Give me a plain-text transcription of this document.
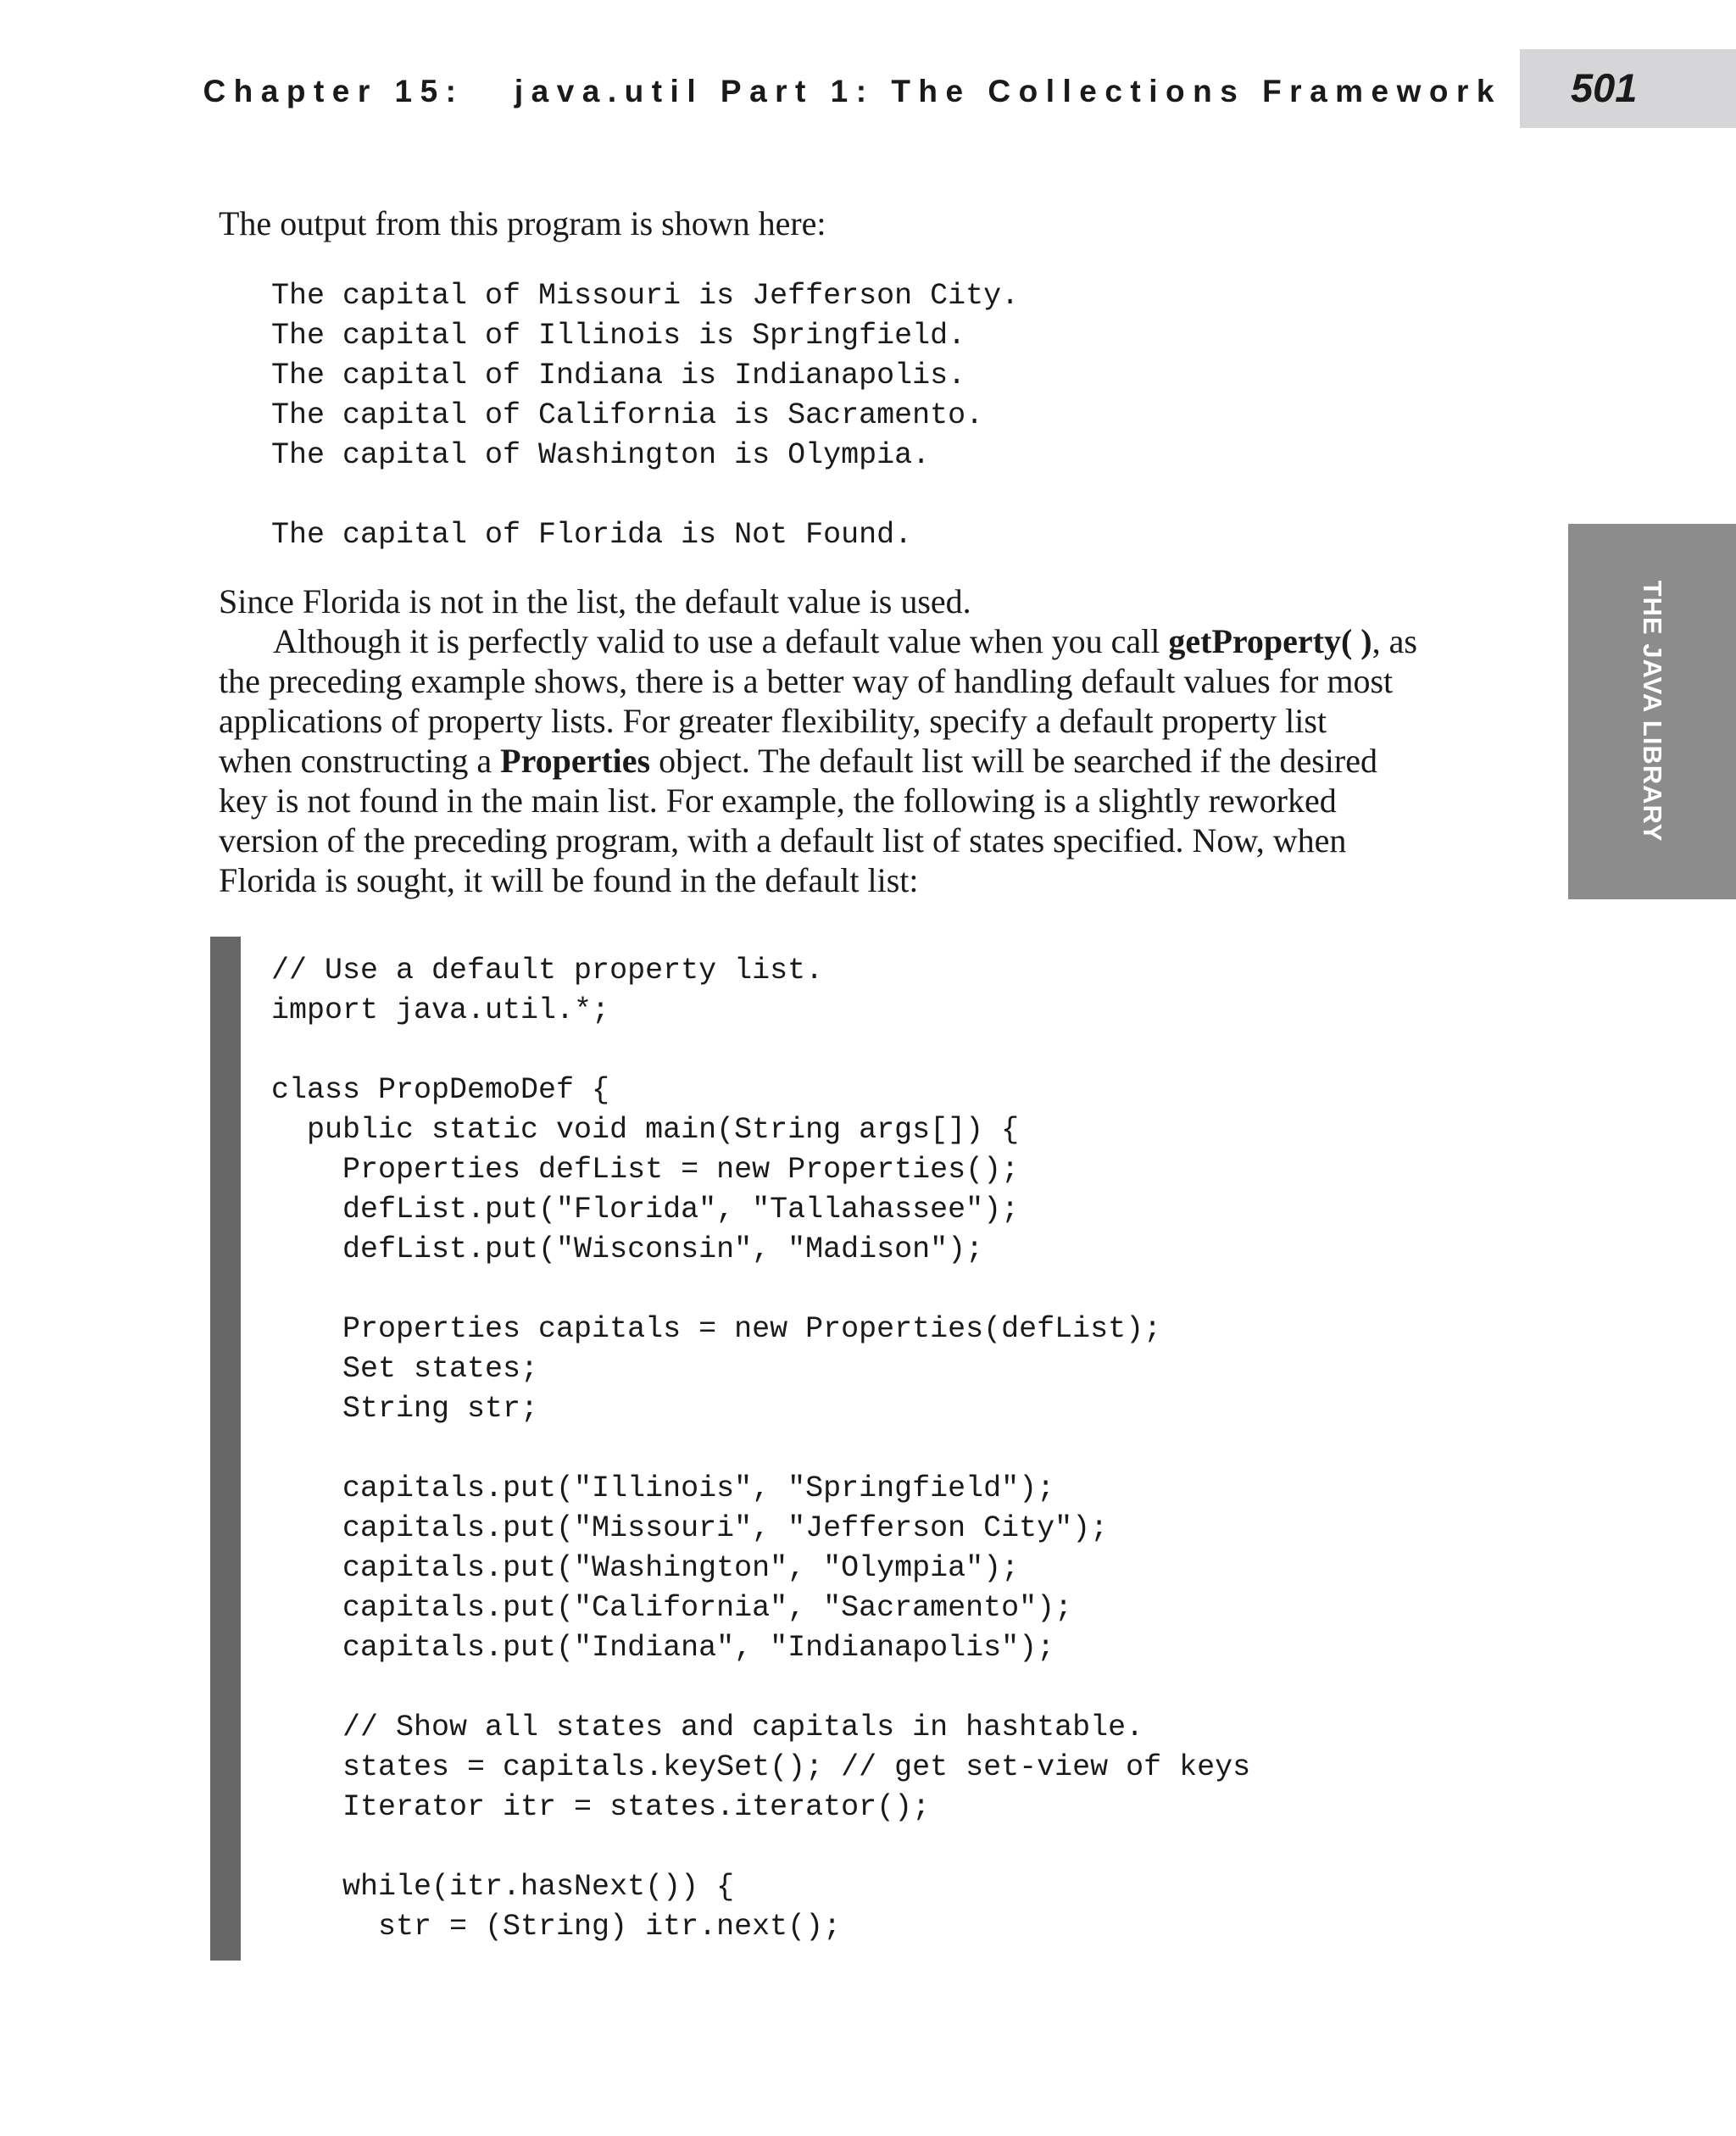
Chapter 15:   java.util Part 1: The Collections Framework 501
THE JAVA LIBRARY
The output from this program is shown here:
The capital of Missouri is Jefferson City.
The capital of Illinois is Springfield.
The capital of Indiana is Indianapolis.
The capital of California is Sacramento.
The capital of Washington is Olympia.

The capital of Florida is Not Found.
Since Florida is not in the list, the default value is used.
Although it is perfectly valid to use a default value when you call getProperty( ), as
the preceding example shows, there is a better way of handling default values for most
applications of property lists. For greater flexibility, specify a default property list
when constructing a Properties object. The default list will be searched if the desired
key is not found in the main list. For example, the following is a slightly reworked
version of the preceding program, with a default list of states specified. Now, when
Florida is sought, it will be found in the default list:
// Use a default property list.
import java.util.*;

class PropDemoDef {
public static void main(String args[]) {
Properties defList = new Properties();
defList.put("Florida", "Tallahassee");
defList.put("Wisconsin", "Madison");

Properties capitals = new Properties(defList);
Set states;
String str;

capitals.put("Illinois", "Springfield");
capitals.put("Missouri", "Jefferson City");
capitals.put("Washington", "Olympia");
capitals.put("California", "Sacramento");
capitals.put("Indiana", "Indianapolis");

// Show all states and capitals in hashtable.
states = capitals.keySet(); // get set-view of keys
Iterator itr = states.iterator();

while(itr.hasNext()) {
str = (String) itr.next();
